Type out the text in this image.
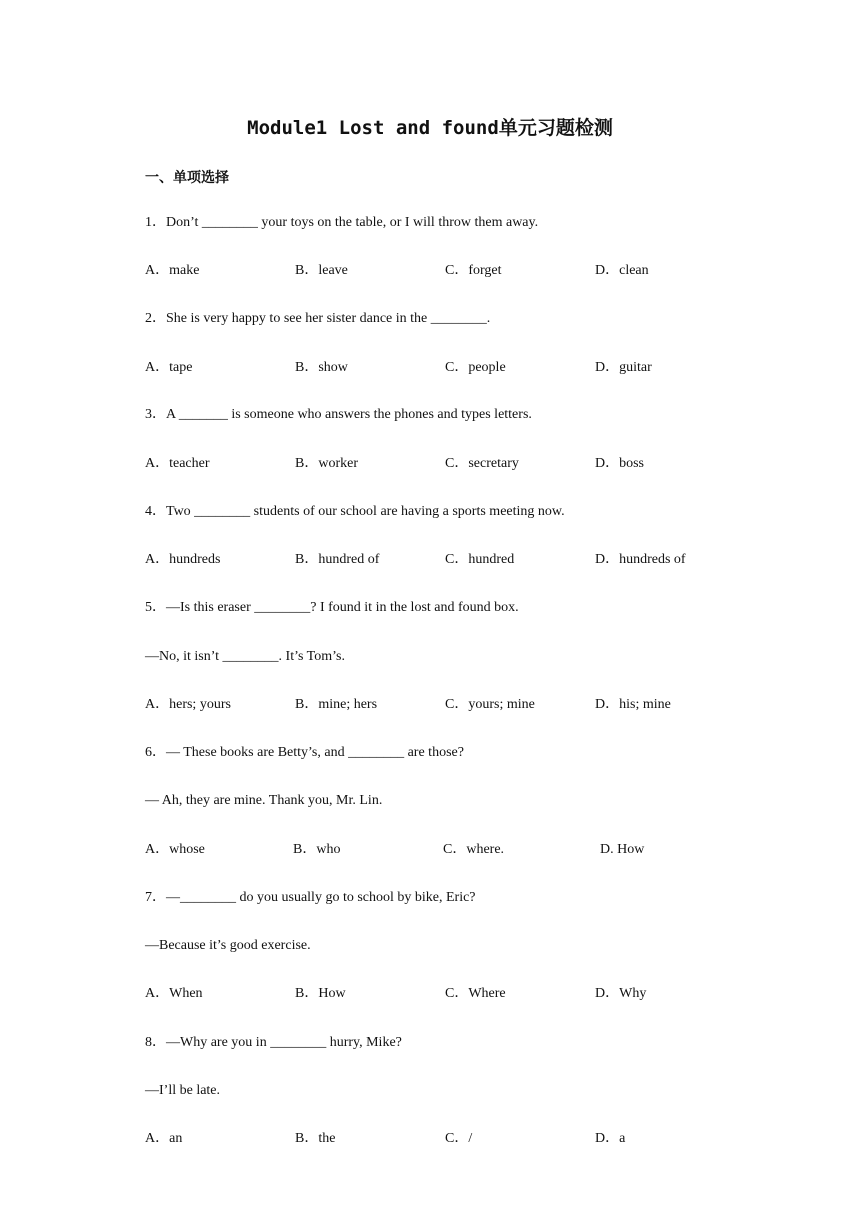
Module1 Lost and found单元习题检测
一、单项选择
1．Don’t ________ your toys on the table, or I will throw them away.
A．make	B．leave	C．forget	D．clean
2．She is very happy to see her sister dance in the ________.
A．tape	B．show	C．people	D．guitar
3．A _______ is someone who answers the phones and types letters.
A．teacher	B．worker	C．secretary	D．boss
4．Two ________ students of our school are having a sports meeting now.
A．hundreds	B．hundred of	C．hundred	D．hundreds of
5．—Is this eraser ________? I found it in the lost and found box.
—No, it isn’t ________. It’s Tom’s.
A．hers; yours	B．mine; hers	C．yours; mine	D．his; mine
6．— These books are Betty’s, and ________ are those?
— Ah, they are mine. Thank you, Mr. Lin.
A．whose	B．who	C．where.	D. How
7．—________ do you usually go to school by bike, Eric?
—Because it’s good exercise.
A．When	B．How	C．Where	D．Why
8．—Why are you in ________ hurry, Mike?
—I’ll be late.
A．an	B．the	C．/	D．a
